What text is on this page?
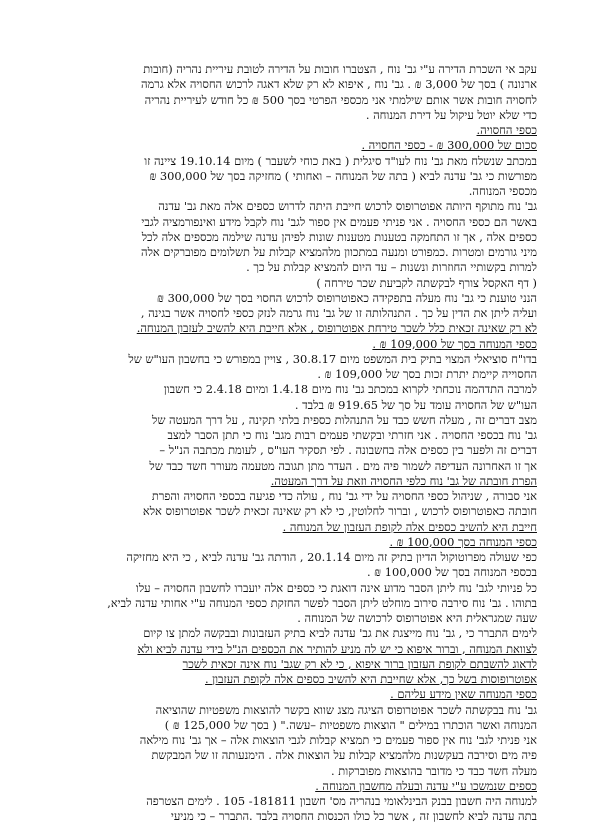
עקב אי השכרת הדירה ע"י גב' נוח , הצטברו חובות על הדירה לטובת עיריית נהריה (חובות

ארנונה ) בסך של 3,000 ₪ . גב' נוח , איפוא לא רק שלא דאגה לרכוש החסויה אלא גרמה

לחסויה חובות אשר אותם שילמתי אני מכספי הפרטי בסך 500 ₪ כל חודש לעיריית נהריה

כדי שלא יוטל עיקול על דירת המנוחה .

כספי החסויה.

סכום של 300,000 ₪ - כספי החסויה .

במכתב שנשלח מאת גב' נוח לעו"ד סיגלית ( באת כוחי לשעבר ) מיום 19.10.14 ציינה זו

מפורשות כי גב' עדנה לביא ( בתה של המנוחה – ואחותי ) מחזיקה בסך של 300,000 ₪

מכספי המנוחה.

גב' נוח מתוקף היותה אפוטרופוס לרכוש חייבת היתה לדרוש כספים אלה מאת גב' עדנה

באשר הם כספי החסויה . אני פניתי פעמים אין ספור לגב' נוח לקבל מידע ואינפורמציה לגבי

כספים אלה , אך זו התחמקה בטענות מטענות שונות לפיהן עדנה שילמה מכספים אלה לכל

מיני גורמים ומטרות .כמפורט ומנעה במתכוון מלהמציא קבלות על תשלומים מפוברקים אלה

למרות בקשותיי החוזרות ונשנות – עד היום להמציא קבלות על כך .

( דף האקסל צורף לבקשתה לקביעת שכר טירחה )

הנני טוענת כי גב' נוח מעלה בתפקידה כאפוטרופוס לרכוש החסוי בסך של 300,000 ₪

ועליה ליתן את הדין על כך . התנהלותה זו של גב' נוח גרמה לנזק כספי לחסויה אשר בגינה ,

לא רק שאינה זכאית כלל לשכר טירחת אפוטרופוס , אלא חייבת היא להשיב לעזבון המנוחה.

כספי המנוחה בסך של 109,000 ₪ .

בדו"ח סוציאלי המצוי בתיק בית המשפט מיום 30.8.17 , צויין במפורש כי בחשבון העו"ש של

החסוייה קיימת יתרת זכות בסך של 109,000 ₪ .

למרבה התדהמה נוכחתי לקרוא במכתב גב' נוח מיום 1.4.18 ומיום 2.4.18 כי חשבון

העו"ש של החסויה עומד על סך של 919.65 ₪ בלבד .

מצב דברים זה , מעלה חשש כבד על התנהלות כספית בלתי תקינה , על דרך המעטה של

גב' נוח בכספי החסויה . אני חזרתי ובקשתי פעמים רבות מגב' נוח כי תתן הסבר למצב

דברים זה ולפער בין כספים אלה בחשבונה . לפי תסקיר העו"ס , לעומת מכתבה הנ"ל –

אך זו האחרונה העדיפה לשמור פיה מים . העדר מתן תגובה מטעמה מעורר חשד כבד של

הפרת חובתה של גב' נוח כלפי החסויה וזאת על דרך המעטה.

אני סבורה , שניהול כספי החסויה על ידי גב' נוח , עולה כדי פגיעה בכספי החסויה והפרת

חובתה כאפוטרופוס לרכוש , וברור לחלוטין, כי לא רק שאינה זכאית לשכר אפוטרופוס אלא

חייבת היא להשיב כספים אלה לקופת העזבון של המנוחה .

כספי המנוחה בסך 100,000 ₪ .

כפי שעולה מפרוטוקול הדיון בתיק זה מיום 20.1.14 , הודתה גב' עדנה לביא , כי היא מחזיקה

בכספי המנוחה בסך של 100,000 ₪ .

כל פניותי לגב' נוח ליתן הסבר מדוע אינה דואגת כי כספים אלה יועברו לחשבון החסויה – עלו

בתוהו . גב' נוח סירבה סירוב מוחלט ליתן הסבר לפשר החזקת כספי המנוחה ע"י אחותי עדנה לביא,

שעה שמגראלית היא אפוטרופוס לרכושה של המנוחה .

לימים התברר כי , גב' נוח מייצגת את גב' עדנה לביא בתיק העזבונות ובבקשה למתן צו קיום

לצוואת המנוחה , וברור איפוא כי יש לה מניע להותיר את הכספים הנ"ל בידי עדנה לביא ולא

לדאוג להשבתם לקופת העזבון ברור איפוא , כי לא רק שגב' נוח אינה זכאית לשכר

אפוטרופוסות בשל כך, אלא שחייבת היא להשיב כספים אלה לקופת העזבון .

כספי המנוחה שאין מידע עליהם .

גב' נוח בבקשתה לשכר אפוטרופוס הציגה מצג שווא בקשר להוצאות משפטיות שהוציאה

המנוחה ואשר הוכתרו במילים " הוצאות משפטיות –עשה." ( בסך של 125,000 ₪ )

אני פניתי לגב' נוח אין ספור פעמים כי תמציא קבלות לגבי הוצאות אלה – אך גב' נוח מילאה

פיה מים וסירבה בעקשנות מלהמציא קבלות על הוצאות אלה . הימנעותה זו של המבקשת

מעלה חשד כבד כי מדובר בהוצאות מפוברקות .

כספים שנמשכו ע"י עדנה ובעלה מחשבון המנוחה .

למנוחה היה חשבון בבנק הבינלאומי בנהריה מס' חשבון 181811- 105 . לימים הצטרפה

בתה עדנה לביא לחשבון זה , אשר כל כולו הכנסות החסויה בלבד .התברר – כי מניעי
